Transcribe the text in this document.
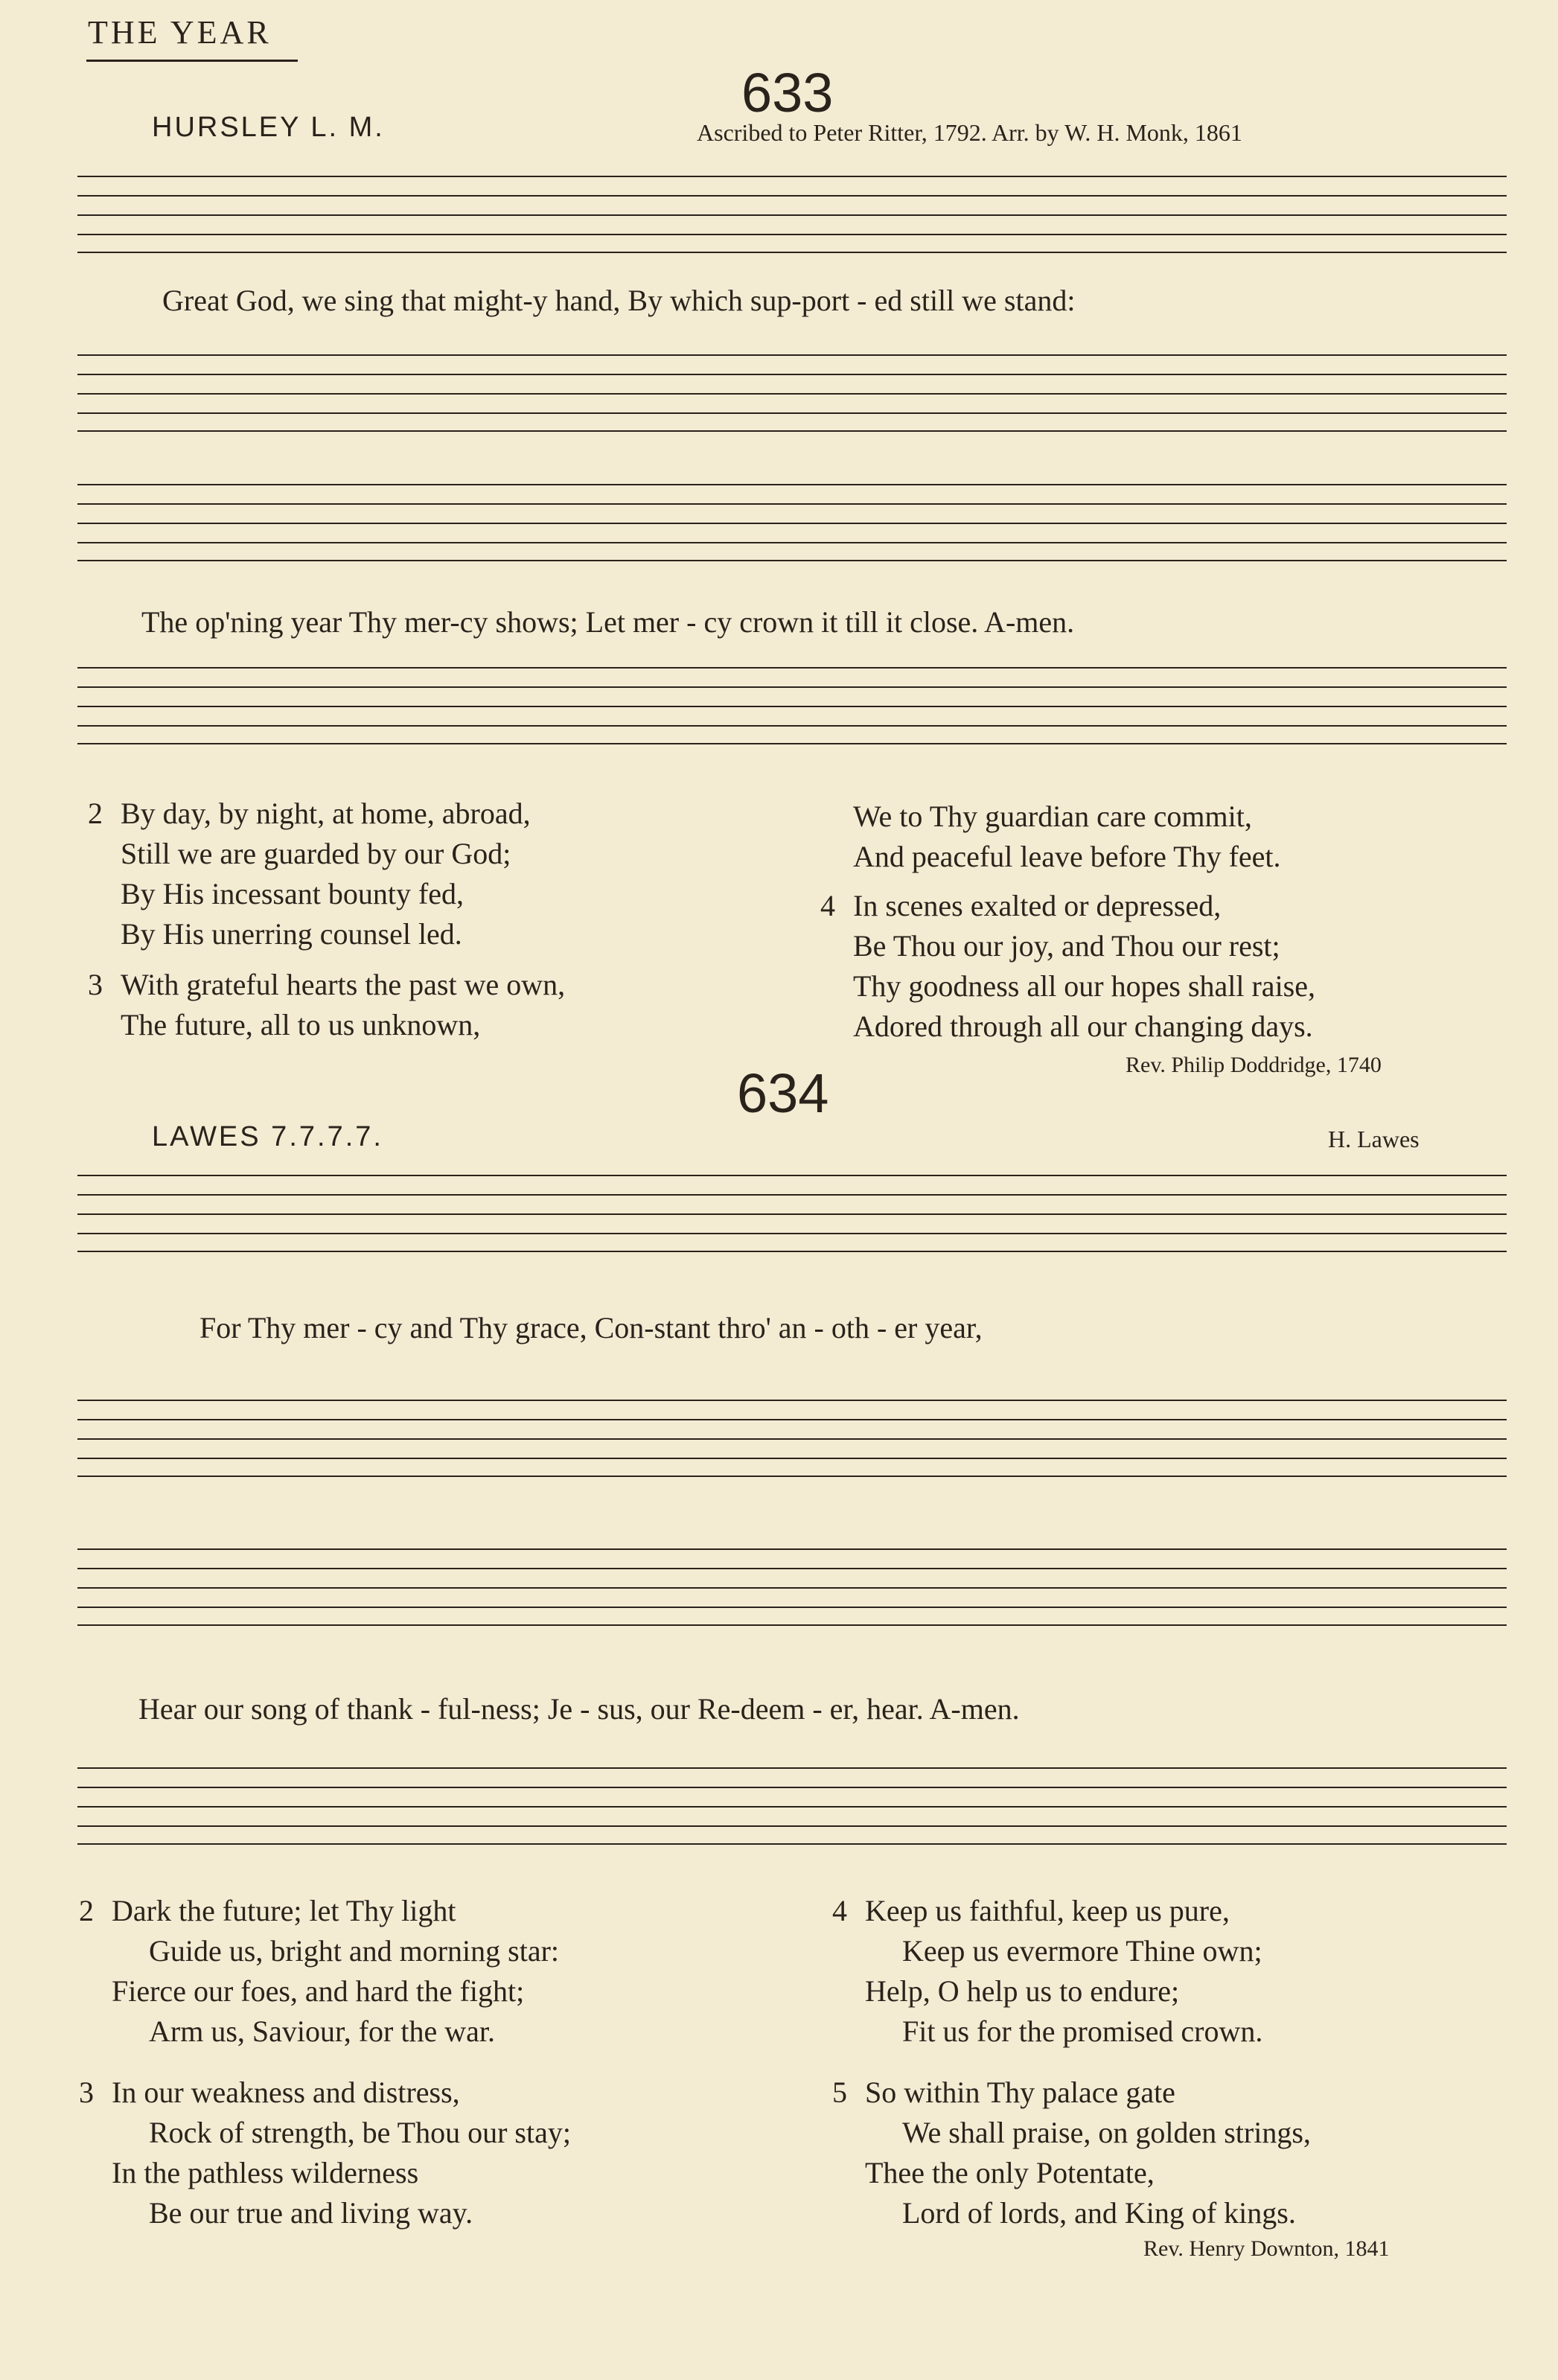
THE YEAR
633
HURSLEY L. M.	Ascribed to Peter Ritter, 1792. Arr. by W. H. Monk, 1861
Great God, we sing that might-y hand, By which sup-port - ed still we stand:
The op'ning year Thy mer-cy shows; Let mer - cy crown it till it close. A-men.
2 By day, by night, at home, abroad,
Still we are guarded by our God;
By His incessant bounty fed,
By His unerring counsel led.
3 With grateful hearts the past we own,
The future, all to us unknown,
We to Thy guardian care commit,
And peaceful leave before Thy feet.
4 In scenes exalted or depressed,
Be Thou our joy, and Thou our rest;
Thy goodness all our hopes shall raise,
Adored through all our changing days.
Rev. Philip Doddridge, 1740
634
LAWES 7.7.7.7.	H. Lawes
For Thy mer - cy and Thy grace, Con-stant thro' an - oth - er year,
Hear our song of thank - ful-ness; Je - sus, our Re-deem - er, hear. A-men.
2 Dark the future; let Thy light
Guide us, bright and morning star:
Fierce our foes, and hard the fight;
Arm us, Saviour, for the war.
3 In our weakness and distress,
Rock of strength, be Thou our stay;
In the pathless wilderness
Be our true and living way.
4 Keep us faithful, keep us pure,
Keep us evermore Thine own;
Help, O help us to endure;
Fit us for the promised crown.
5 So within Thy palace gate
We shall praise, on golden strings,
Thee the only Potentate,
Lord of lords, and King of kings.
Rev. Henry Downton, 1841
